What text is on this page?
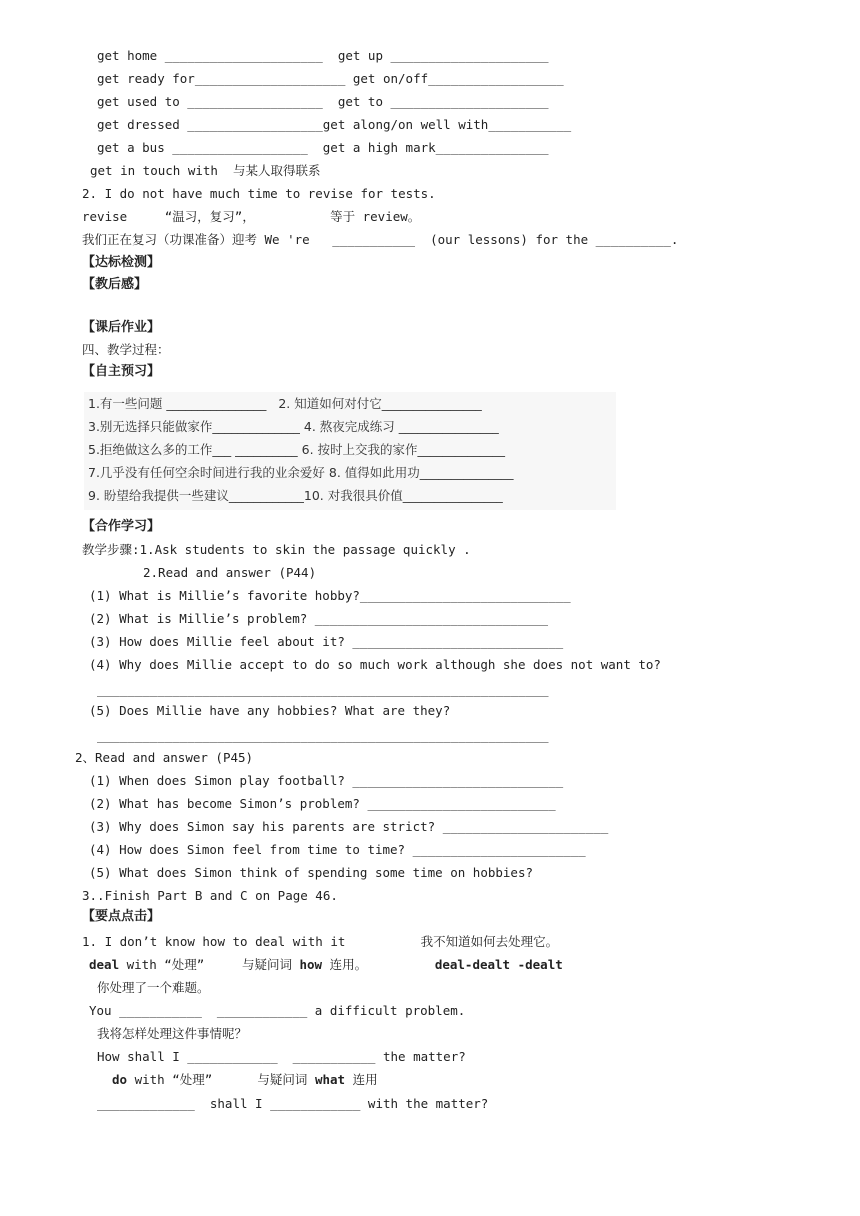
get home _____________________  get up _____________________
get ready for____________________ get on/off__________________
get used to __________________  get to _____________________
get dressed __________________get along/on well with___________
get a bus __________________  get a high mark_______________
get in touch with  与某人取得联系
2. I do not have much time to revise for tests.
revise     “温习，复习”，          等于 review。
我们正在复习（功课准备）迎考 We 're   ___________  (our lessons) for the __________.
【达标检测】
【教后感】
【课后作业】
四、教学过程：
【自主预习】
1.有一些问题 ________________   2. 知道如何对付它________________
3.别无选择只能做家作______________ 4. 熬夜完成练习 ________________
5.拒绝做这么多的工作___ __________ 6. 按时上交我的家作______________
7.几乎没有任何空余时间进行我的业余爱好 8. 值得如此用功_______________
9. 盼望给我提供一些建议____________10. 对我很具价值________________
【合作学习】
教学步骤:1.Ask students to skin the passage quickly .
2.Read and answer (P44)
(1) What is Millie’s favorite hobby?____________________________
(2) What is Millie’s problem? _______________________________
(3) How does Millie feel about it? ____________________________
(4) Why does Millie accept to do so much work although she does not want to?
____________________________________________________________
(5) Does Millie have any hobbies? What are they?
____________________________________________________________
2、Read and answer (P45)
(1) When does Simon play football? ____________________________
(2) What has become Simon’s problem? _________________________
(3) Why does Simon say his parents are strict? ______________________
(4) How does Simon feel from time to time? _______________________
(5) What does Simon think of spending some time on hobbies?
3..Finish Part B and C on Page 46.
【要点点击】
1. I don’t know how to deal with it          我不知道如何去处理它。
deal with “处理”     与疑问词 how 连用。         deal-dealt -dealt
你处理了一个难题。
You ___________  ____________ a difficult problem.
我将怎样处理这件事情呢？
How shall I ____________  ___________ the matter?
do with “处理”      与疑问词 what 连用
_____________  shall I ____________ with the matter?
